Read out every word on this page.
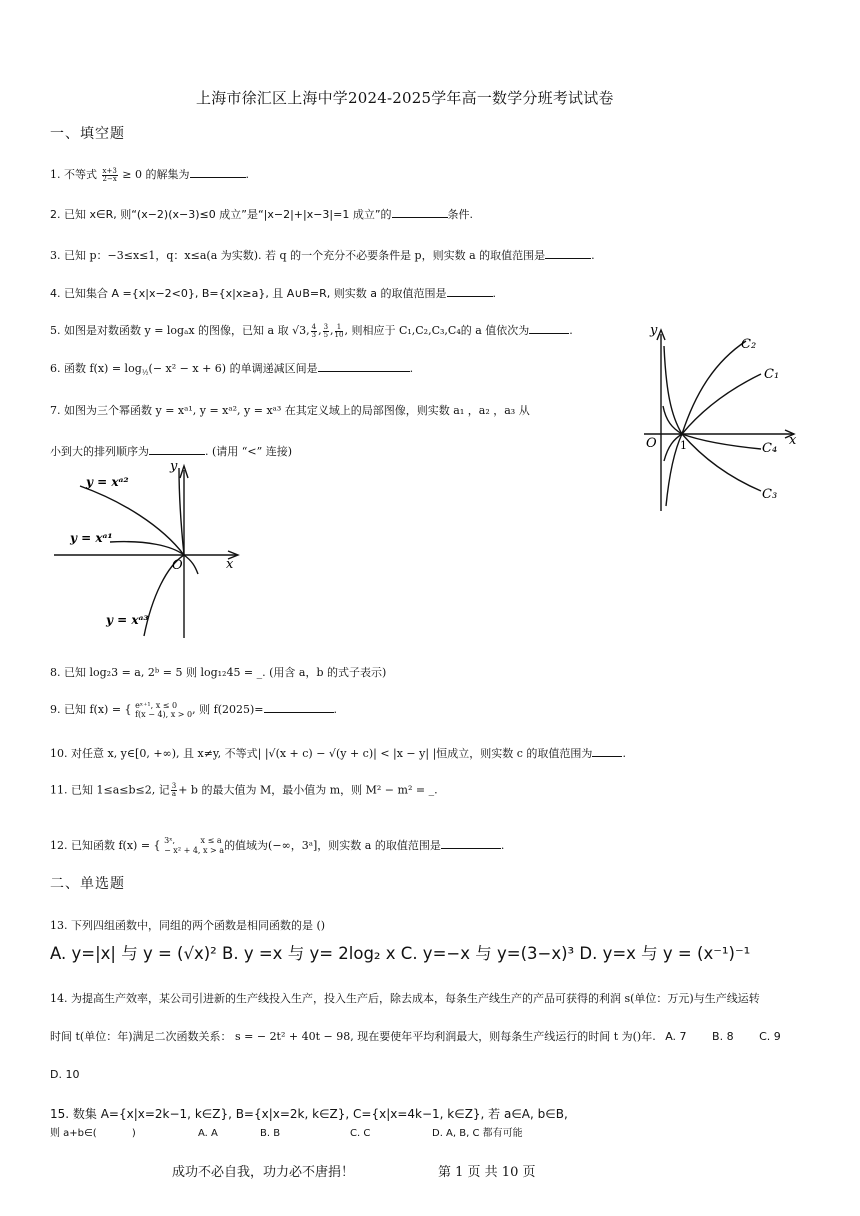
上海市徐汇区上海中学2024-2025学年高一数学分班考试试卷
一、填空题
1. 不等式 $\frac{x+3}{2-x} \ge 0$ 的解集为	.
2. 已知 x∈R, 则“(x−2)(x−3)≤0 成立”是“|x−2|+|x−3|=1 成立”的	条件.
3. 已知 p：−3≤x≤1，q：x≤a(a 为实数). 若 q 的一个充分不必要条件是 p，则实数 a 的取值范围是	.
4. 已知集合 A ={x|x−2<0}, B={x|x≥a}, 且 A∪B=R, 则实数 a 的取值范围是	.
5. 如图是对数函数 y = logₐx 的图像，已知 a 取 √3, $\frac{4}{3}$ , $\frac{3}{5}$ , $\frac{1}{10}$ , 则相应于 C₁,C₂,C₃,C₄的 a 值依次为	.
6. 函数 $f(x) = \log_{\frac{1}{2}}(- x^2 - x + 6)$ 的单调递减区间是	.
7. 如图为三个幂函数 y = xᵃ¹, y = xᵃ², y = xᵃ³ 在其定义域上的局部图像，则实数 a₁ ，a₂ ，a₃ 从
小到大的排列顺序为	. (请用 “<” 连接)
y
x
O 1
C₂
C₁
C₄
C₃
y
x
O
y = xᵃ²
y = xᵃ¹
y = xᵃ³
8. 已知 log₂3 = a, 2ᵇ = 5 则 log₁₂45 = _. (用含 a，b 的式子表示)
9. 已知 f(x) = { eˣ⁺¹, x ≤ 0
f(x − 4), x > 0 , 则 f(2025)=	.
10. 对任意 x, y∈[0, +∞), 且 x≠y, 不等式| |√(x + c) − √(y + c)| < |x − y| |恒成立，则实数 c 的取值范围为	.
11. 已知 1≤a≤b≤2, 记 $\frac{3}{a} + b$ 的最大值为 M，最小值为 m，则 M² − m² = _.
12. 已知函数 f(x) = { 3ˣ,	x ≤ a
− x² + 4, x > a 的值域为(−∞，3ᵃ]，则实数 a 的取值范围是	.
二、单选题
13. 下列四组函数中，同组的两个函数是相同函数的是 ()
A. y=|x| 与 y = (√x)² B. y =x 与 y= 2log₂ x C. y=−x 与 y=(3−x)³ D. y=x 与 y = (x⁻¹)⁻¹
14. 为提高生产效率，某公司引进新的生产线投入生产，投入生产后，除去成本，每条生产线生产的产品可获得的利润 s(单位：万元)与生产线运转
时间 t(单位：年)满足二次函数关系： s = − 2t² + 40t − 98, 现在要使年平均利润最大，则每条生产线运行的时间 t 为()年. A. 7 B. 8 C. 9
D. 10
15. 数集 A={x|x=2k−1, k∈Z}, B={x|x=2k, k∈Z}, C={x|x=4k−1, k∈Z}, 若 a∈A, b∈B,
则 a+b∈(	)	A. A	B. B	C. C	D. A, B, C 都有可能
成功不必自我，功力必不唐捐！	第 1 页 共 10 页
